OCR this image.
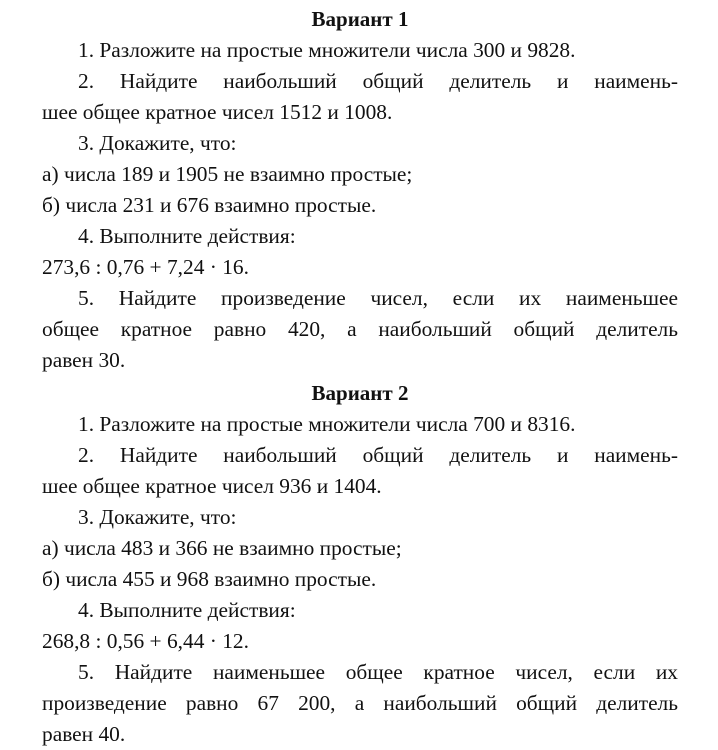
Вариант 1

1. Разложите на простые множители числа 300 и 9828.

2. Найдите наибольший общий делитель и наимень-

шее общее кратное чисел 1512 и 1008.

3. Докажите, что:

а) числа 189 и 1905 не взаимно простые;

б) числа 231 и 676 взаимно простые.

4. Выполните действия:

273,6 : 0,76 + 7,24 · 16.

5. Найдите произведение чисел, если их наименьшее

общее кратное равно 420, а наибольший общий делитель

равен 30.

Вариант 2

1. Разложите на простые множители числа 700 и 8316.

2. Найдите наибольший общий делитель и наимень-

шее общее кратное чисел 936 и 1404.

3. Докажите, что:

а) числа 483 и 366 не взаимно простые;

б) числа 455 и 968 взаимно простые.

4. Выполните действия:

268,8 : 0,56 + 6,44 · 12.

5. Найдите наименьшее общее кратное чисел, если их

произведение равно 67 200, а наибольший общий делитель

равен 40.
